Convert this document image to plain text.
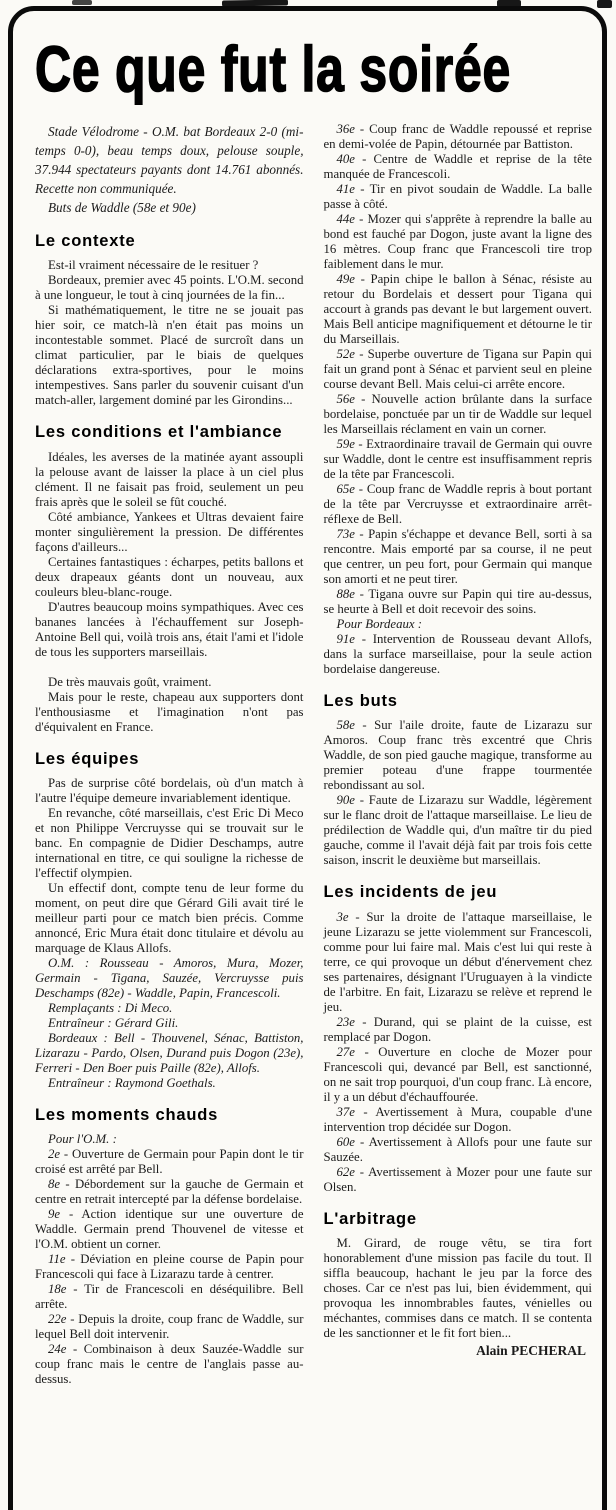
Ce que fut la soirée

Stade Vélodrome - O.M. bat Bordeaux 2-0 (mi-temps 0-0), beau temps doux, pelouse souple, 37.944 spectateurs payants dont 14.761 abonnés. Recette non communiquée.

Buts de Waddle (58e et 90e)

Le contexte

Est-il vraiment nécessaire de le resituer ?

Bordeaux, premier avec 45 points. L'O.M. second à une longueur, le tout à cinq journées de la fin...

Si mathématiquement, le titre ne se jouait pas hier soir, ce match-là n'en était pas moins un incontestable sommet. Placé de surcroît dans un climat particulier, par le biais de quelques déclarations extra-sportives, pour le moins intempestives. Sans parler du souvenir cuisant d'un match-aller, largement dominé par les Girondins...

Les conditions et l'ambiance

Idéales, les averses de la matinée ayant assoupli la pelouse avant de laisser la place à un ciel plus clément. Il ne faisait pas froid, seulement un peu frais après que le soleil se fût couché.

Côté ambiance, Yankees et Ultras devaient faire monter singulièrement la pression. De différentes façons d'ailleurs...

Certaines fantastiques : écharpes, petits ballons et deux drapeaux géants dont un nouveau, aux couleurs bleu-blanc-rouge.

D'autres beaucoup moins sympathiques. Avec ces bananes lancées à l'échauffement sur Joseph-Antoine Bell qui, voilà trois ans, était l'ami et l'idole de tous les supporters marseillais.

De très mauvais goût, vraiment.

Mais pour le reste, chapeau aux supporters dont l'enthousiasme et l'imagination n'ont pas d'équivalent en France.

Les équipes

Pas de surprise côté bordelais, où d'un match à l'autre l'équipe demeure invariablement identique.

En revanche, côté marseillais, c'est Eric Di Meco et non Philippe Vercruysse qui se trouvait sur le banc. En compagnie de Didier Deschamps, autre international en titre, ce qui souligne la richesse de l'effectif olympien.

Un effectif dont, compte tenu de leur forme du moment, on peut dire que Gérard Gili avait tiré le meilleur parti pour ce match bien précis. Comme annoncé, Eric Mura était donc titulaire et dévolu au marquage de Klaus Allofs.

O.M. : Rousseau - Amoros, Mura, Mozer, Germain - Tigana, Sauzée, Vercruysse puis Deschamps (82e) - Waddle, Papin, Francescoli.

Remplaçants : Di Meco.

Entraîneur : Gérard Gili.

Bordeaux : Bell - Thouvenel, Sénac, Battiston, Lizarazu - Pardo, Olsen, Durand puis Dogon (23e), Ferreri - Den Boer puis Paille (82e), Allofs.

Entraîneur : Raymond Goethals.

Les moments chauds

Pour l'O.M. :

2e - Ouverture de Germain pour Papin dont le tir croisé est arrêté par Bell.

8e - Débordement sur la gauche de Germain et centre en retrait intercepté par la défense bordelaise.

9e - Action identique sur une ouverture de Waddle. Germain prend Thouvenel de vitesse et l'O.M. obtient un corner.

11e - Déviation en pleine course de Papin pour Francescoli qui face à Lizarazu tarde à centrer.

18e - Tir de Francescoli en déséquilibre. Bell arrête.

22e - Depuis la droite, coup franc de Waddle, sur lequel Bell doit intervenir.

24e - Combinaison à deux Sauzée-Waddle sur coup franc mais le centre de l'anglais passe au-dessus.

36e - Coup franc de Waddle repoussé et reprise en demi-volée de Papin, détournée par Battiston.

40e - Centre de Waddle et reprise de la tête manquée de Francescoli.

41e - Tir en pivot soudain de Waddle. La balle passe à côté.

44e - Mozer qui s'apprête à reprendre la balle au bond est fauché par Dogon, juste avant la ligne des 16 mètres. Coup franc que Francescoli tire trop faiblement dans le mur.

49e - Papin chipe le ballon à Sénac, résiste au retour du Bordelais et dessert pour Tigana qui accourt à grands pas devant le but largement ouvert. Mais Bell anticipe magnifiquement et détourne le tir du Marseillais.

52e - Superbe ouverture de Tigana sur Papin qui fait un grand pont à Sénac et parvient seul en pleine course devant Bell. Mais celui-ci arrête encore.

56e - Nouvelle action brûlante dans la surface bordelaise, ponctuée par un tir de Waddle sur lequel les Marseillais réclament en vain un corner.

59e - Extraordinaire travail de Germain qui ouvre sur Waddle, dont le centre est insuffisamment repris de la tête par Francescoli.

65e - Coup franc de Waddle repris à bout portant de la tête par Vercruysse et extraordinaire arrêt-réflexe de Bell.

73e - Papin s'échappe et devance Bell, sorti à sa rencontre. Mais emporté par sa course, il ne peut que centrer, un peu fort, pour Germain qui manque son amorti et ne peut tirer.

88e - Tigana ouvre sur Papin qui tire au-dessus, se heurte à Bell et doit recevoir des soins.

Pour Bordeaux :

91e - Intervention de Rousseau devant Allofs, dans la surface marseillaise, pour la seule action bordelaise dangereuse.

Les buts

58e - Sur l'aile droite, faute de Lizarazu sur Amoros. Coup franc très excentré que Chris Waddle, de son pied gauche magique, transforme au premier poteau d'une frappe tourmentée rebondissant au sol.

90e - Faute de Lizarazu sur Waddle, légèrement sur le flanc droit de l'attaque marseillaise. Le lieu de prédilection de Waddle qui, d'un maître tir du pied gauche, comme il l'avait déjà fait par trois fois cette saison, inscrit le deuxième but marseillais.

Les incidents de jeu

3e - Sur la droite de l'attaque marseillaise, le jeune Lizarazu se jette violemment sur Francescoli, comme pour lui faire mal. Mais c'est lui qui reste à terre, ce qui provoque un début d'énervement chez ses partenaires, désignant l'Uruguayen à la vindicte de l'arbitre. En fait, Lizarazu se relève et reprend le jeu.

23e - Durand, qui se plaint de la cuisse, est remplacé par Dogon.

27e - Ouverture en cloche de Mozer pour Francescoli qui, devancé par Bell, est sanctionné, on ne sait trop pourquoi, d'un coup franc. Là encore, il y a un début d'échauffourée.

37e - Avertissement à Mura, coupable d'une intervention trop décidée sur Dogon.

60e - Avertissement à Allofs pour une faute sur Sauzée.

62e - Avertissement à Mozer pour une faute sur Olsen.

L'arbitrage

M. Girard, de rouge vêtu, se tira fort honorablement d'une mission pas facile du tout. Il siffla beaucoup, hachant le jeu par la force des choses. Car ce n'est pas lui, bien évidemment, qui provoqua les innombrables fautes, vénielles ou méchantes, commises dans ce match. Il se contenta de les sanctionner et le fit fort bien...

Alain PECHERAL
